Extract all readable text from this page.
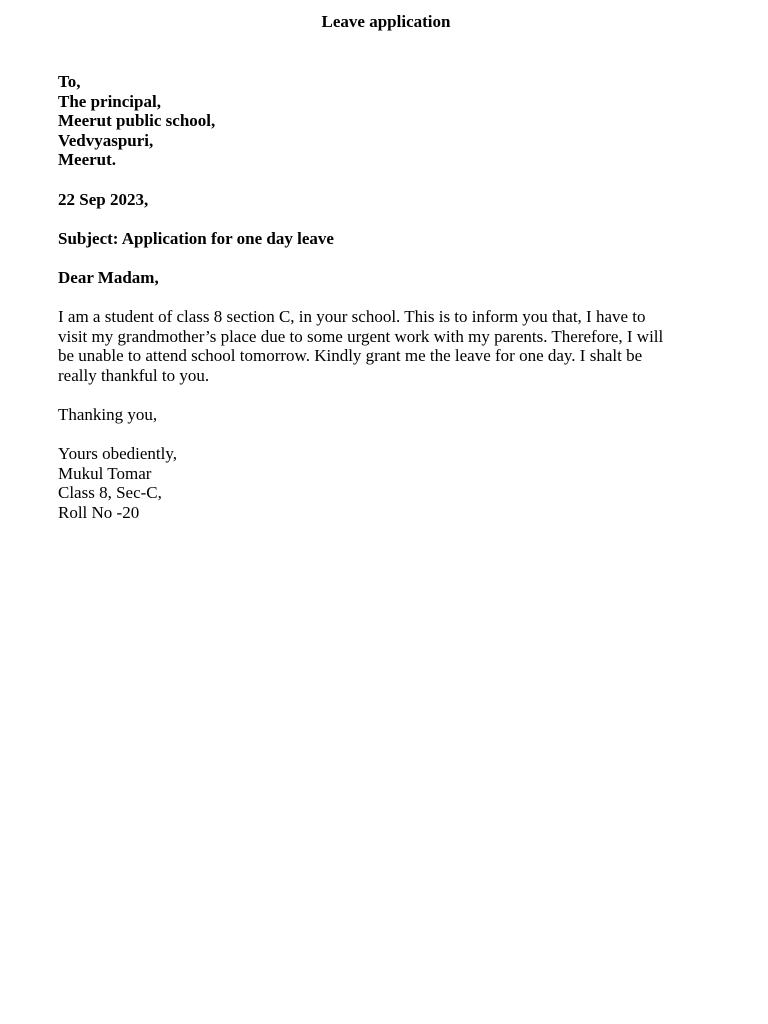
Leave application
To,
The principal,
Meerut public school,
Vedvyaspuri,
Meerut.
22 Sep 2023,
Subject: Application for one day leave
Dear Madam,
I am a student of class 8 section C, in your school. This is to inform you that, I have to
visit my grandmother’s place due to some urgent work with my parents. Therefore, I will
be unable to attend school tomorrow. Kindly grant me the leave for one day. I shalt be
really thankful to you.
Thanking you,
Yours obediently,
Mukul Tomar
Class 8, Sec-C,
Roll No -20
